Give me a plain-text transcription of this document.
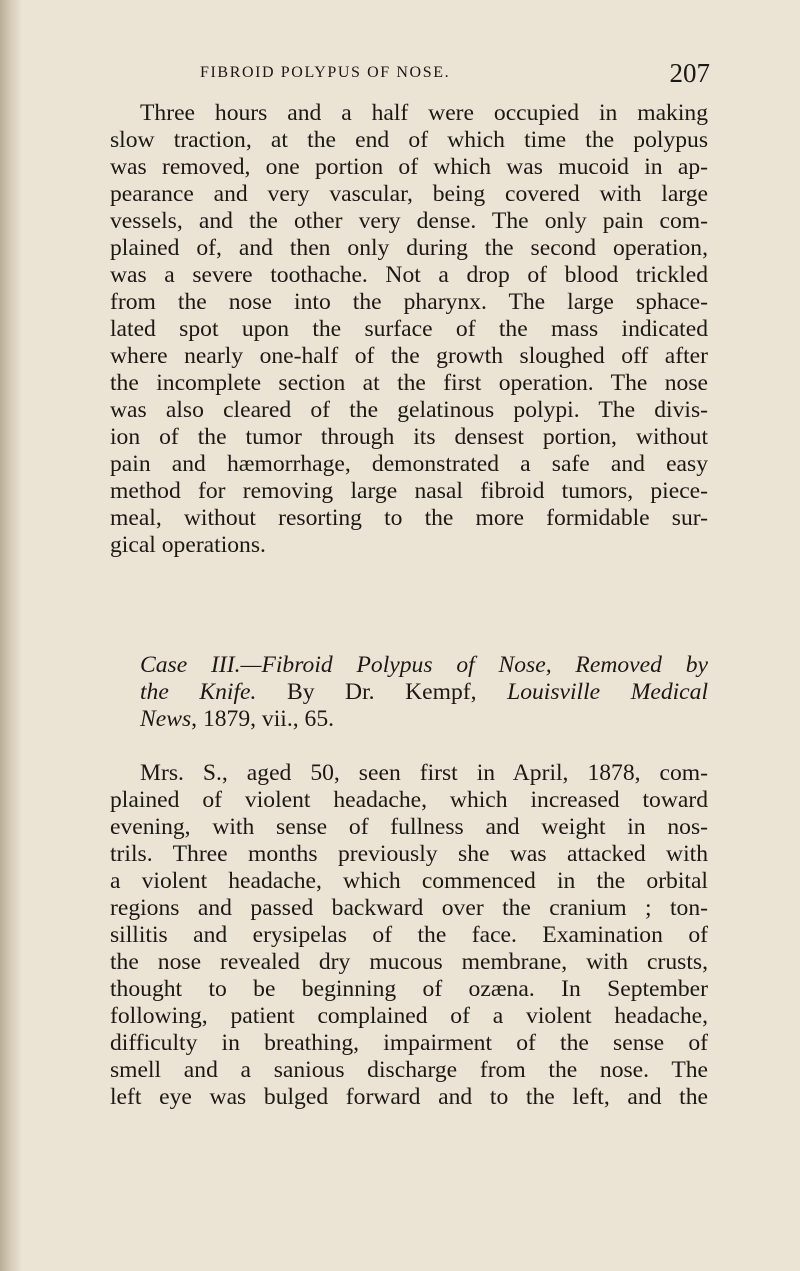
FIBROID POLYPUS OF NOSE.	207

Three hours and a half were occupied in making
slow traction, at the end of which time the polypus
was removed, one portion of which was mucoid in ap-
pearance and very vascular, being covered with large
vessels, and the other very dense. The only pain com-
plained of, and then only during the second operation,
was a severe toothache. Not a drop of blood trickled
from the nose into the pharynx. The large sphace-
lated spot upon the surface of the mass indicated
where nearly one-half of the growth sloughed off after
the incomplete section at the first operation. The nose
was also cleared of the gelatinous polypi. The divis-
ion of the tumor through its densest portion, without
pain and hæmorrhage, demonstrated a safe and easy
method for removing large nasal fibroid tumors, piece-
meal, without resorting to the more formidable sur-
gical operations.

Case III.—Fibroid Polypus of Nose, Removed by
the Knife. By Dr. Kempf, Louisville Medical
News, 1879, vii., 65.

Mrs. S., aged 50, seen first in April, 1878, com-
plained of violent headache, which increased toward
evening, with sense of fullness and weight in nos-
trils. Three months previously she was attacked with
a violent headache, which commenced in the orbital
regions and passed backward over the cranium ; ton-
sillitis and erysipelas of the face. Examination of
the nose revealed dry mucous membrane, with crusts,
thought to be beginning of ozæna. In September
following, patient complained of a violent headache,
difficulty in breathing, impairment of the sense of
smell and a sanious discharge from the nose. The
left eye was bulged forward and to the left, and the
